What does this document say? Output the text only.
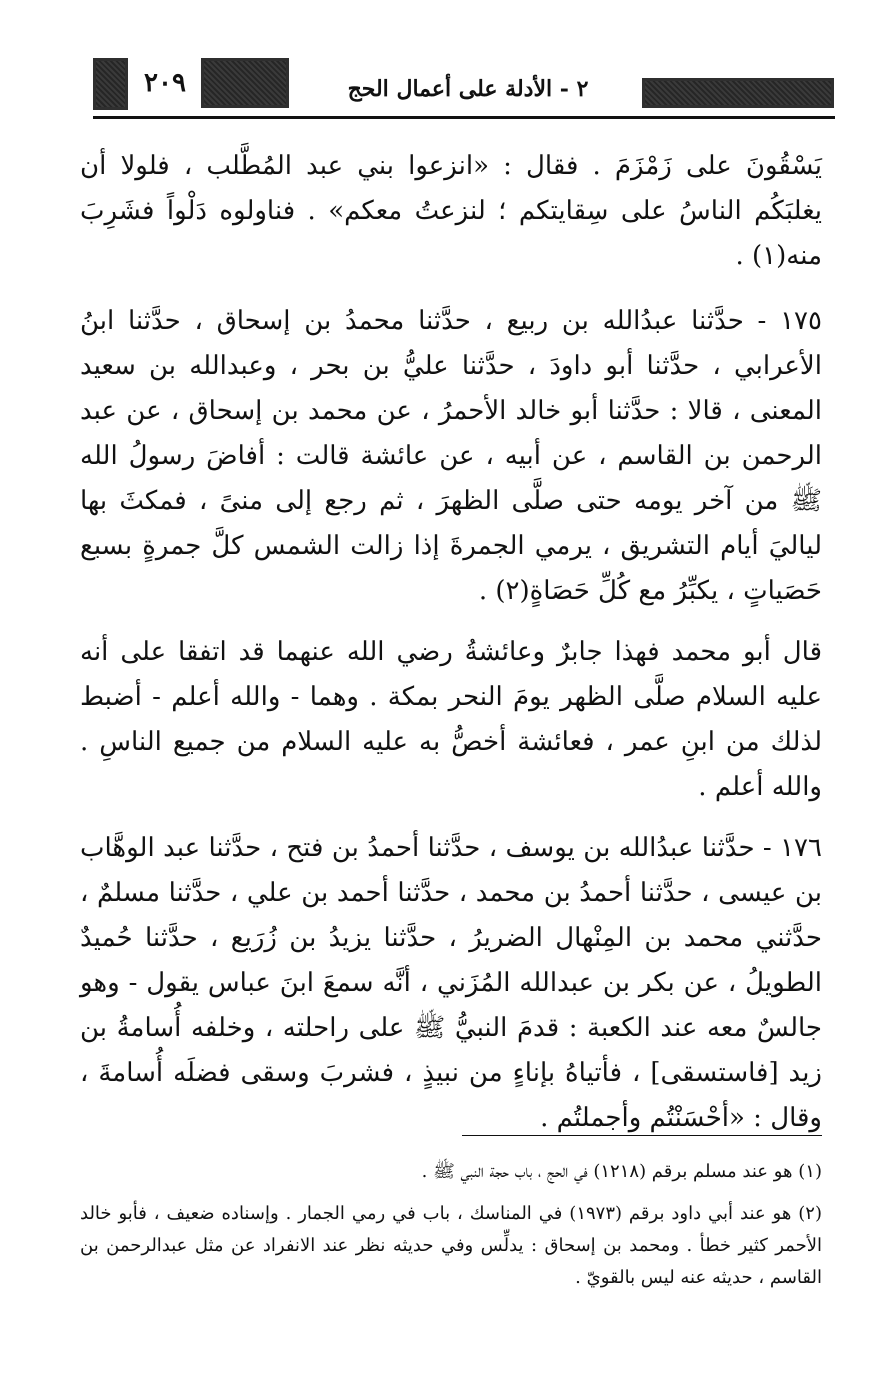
٢٠٩	٢ - الأدلة على أعمال الحج

يَسْقُونَ على زَمْزَمَ . فقال : «انزعوا بني عبد المُطَّلب ، فلولا أن يغلبَكُم الناسُ على سِقايتكم ؛ لنزعتُ معكم» . فناولوه دَلْواً فشَرِبَ منه(١) .

١٧٥ - حدَّثنا عبدُالله بن ربيع ، حدَّثنا محمدُ بن إسحاق ، حدَّثنا ابنُ الأعرابي ، حدَّثنا أبو داودَ ، حدَّثنا عليُّ بن بحر ، وعبدالله بن سعيد المعنى ، قالا : حدَّثنا أبو خالد الأحمرُ ، عن محمد بن إسحاق ، عن عبد الرحمن بن القاسم ، عن أبيه ، عن عائشة قالت : أفاضَ رسولُ الله ﷺ من آخر يومه حتى صلَّى الظهرَ ، ثم رجع إلى منىً ، فمكثَ بها لياليَ أيام التشريق ، يرمي الجمرةَ إذا زالت الشمس كلَّ جمرةٍ بسبع حَصَياتٍ ، يكبِّرُ مع كُلِّ حَصَاةٍ(٢) .

قال أبو محمد فهذا جابرٌ وعائشةُ رضي الله عنهما قد اتفقا على أنه عليه السلام صلَّى الظهر يومَ النحر بمكة . وهما - والله أعلم - أضبط لذلك من ابنِ عمر ، فعائشة أخصُّ به عليه السلام من جميع الناسِ . والله أعلم .

١٧٦ - حدَّثنا عبدُالله بن يوسف ، حدَّثنا أحمدُ بن فتح ، حدَّثنا عبد الوهَّاب بن عيسى ، حدَّثنا أحمدُ بن محمد ، حدَّثنا أحمد بن علي ، حدَّثنا مسلمٌ ، حدَّثني محمد بن المِنْهال الضريرُ ، حدَّثنا يزيدُ بن زُرَيع ، حدَّثنا حُميدٌ الطويلُ ، عن بكر بن عبدالله المُزَني ، أنَّه سمعَ ابنَ عباس يقول - وهو جالسٌ معه عند الكعبة : قدمَ النبيُّ ﷺ على راحلته ، وخلفه أُسامةُ بن زيد [فاستسقى] ، فأتياهُ بإناءٍ من نبيذٍ ، فشربَ وسقى فضلَه أُسامةَ ، وقال : «أحْسَنْتُم وأجملتُم .

(١) هو عند مسلم برقم (١٢١٨) في الحج ، باب حجة النبي ﷺ .

(٢) هو عند أبي داود برقم (١٩٧٣) في المناسك ، باب في رمي الجمار . وإسناده ضعيف ، فأبو خالد الأحمر كثير خطأ . ومحمد بن إسحاق : يدلِّس وفي حديثه نظر عند الانفراد عن مثل عبدالرحمن بن القاسم ، حديثه عنه ليس بالقويّ .
